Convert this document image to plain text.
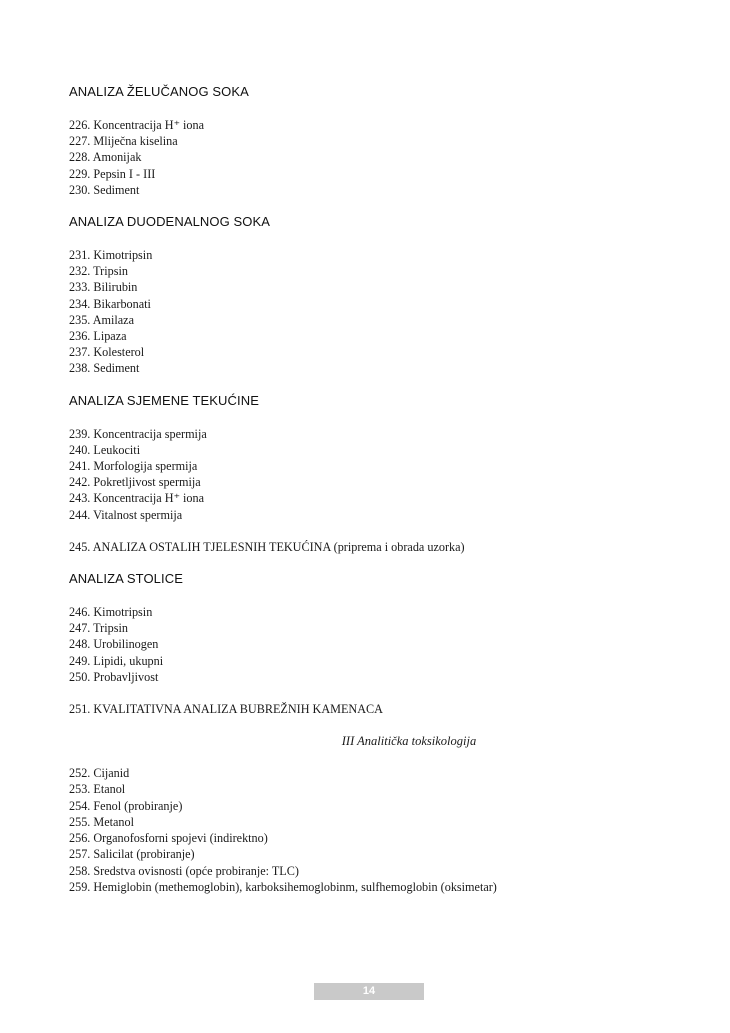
ANALIZA ŽELUČANOG SOKA
226. Koncentracija H⁺ iona
227. Mliječna kiselina
228. Amonijak
229. Pepsin I - III
230. Sediment
ANALIZA DUODENALNOG SOKA
231. Kimotripsin
232. Tripsin
233. Bilirubin
234. Bikarbonati
235. Amilaza
236. Lipaza
237. Kolesterol
238. Sediment
ANALIZA SJEMENE TEKUĆINE
239. Koncentracija spermija
240. Leukociti
241. Morfologija spermija
242. Pokretljivost spermija
243. Koncentracija H⁺ iona
244. Vitalnost spermija
245. ANALIZA OSTALIH TJELESNIH TEKUĆINA (priprema i obrada uzorka)
ANALIZA STOLICE
246. Kimotripsin
247. Tripsin
248. Urobilinogen
249. Lipidi, ukupni
250. Probavljivost
251. KVALITATIVNA ANALIZA BUBREŽNIH KAMENACA
III Analitička toksikologija
252. Cijanid
253. Etanol
254. Fenol (probiranje)
255. Metanol
256. Organofosforni spojevi (indirektno)
257. Salicilat (probiranje)
258. Sredstva ovisnosti (opće probiranje: TLC)
259. Hemiglobin (methemoglobin), karboksihemoglobinm, sulfhemoglobin (oksimetar)
14
